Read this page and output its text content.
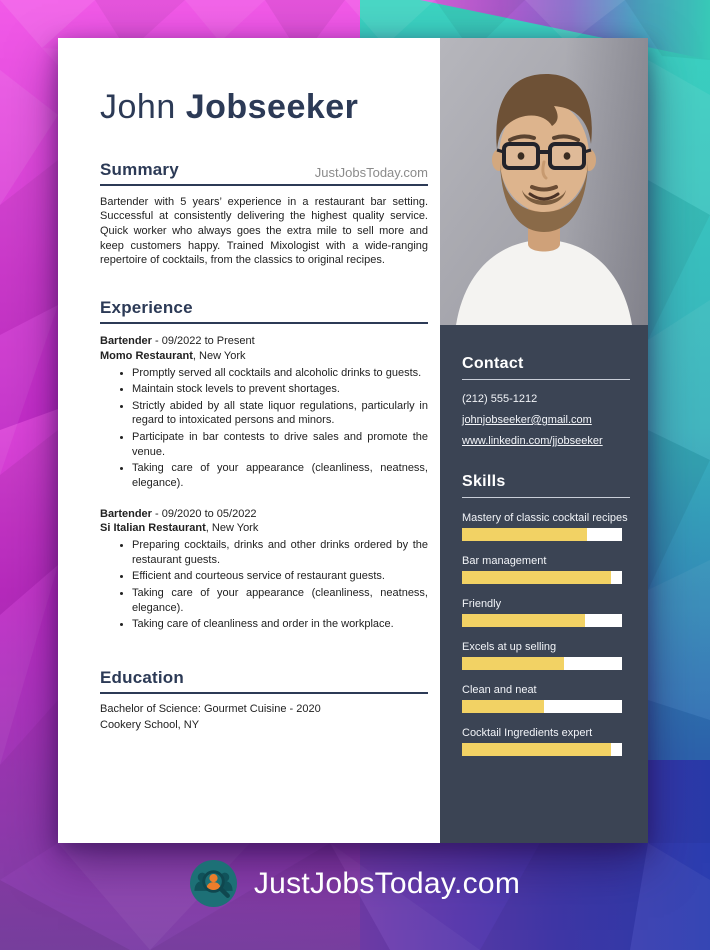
John Jobseeker
Summary	JustJobsToday.com
Bartender with 5 years’ experience in a restaurant bar setting. Successful at consistently delivering the highest quality service. Quick worker who always goes the extra mile to sell more and keep customers happy. Trained Mixologist with a wide-ranging repertoire of cocktails, from the classics to original recipes.
Experience
Bartender - 09/2022 to Present
Momo Restaurant, New York
• Promptly served all cocktails and alcoholic drinks to guests.
• Maintain stock levels to prevent shortages.
• Strictly abided by all state liquor regulations, particularly in regard to intoxicated persons and minors.
• Participate in bar contests to drive sales and promote the venue.
• Taking care of your appearance (cleanliness, neatness, elegance).
Bartender - 09/2020 to 05/2022
Si Italian Restaurant, New York
• Preparing cocktails, drinks and other drinks ordered by the restaurant guests.
• Efficient and courteous service of restaurant guests.
• Taking care of your appearance (cleanliness, neatness, elegance).
• Taking care of cleanliness and order in the workplace.
Education
Bachelor of Science: Gourmet Cuisine - 2020
Cookery School, NY
Contact
(212) 555-1212
johnjobseeker@gmail.com
www.linkedin.com/jjobseeker
Skills
Mastery of classic cocktail recipes
Bar management
Friendly
Excels at up selling
Clean and neat
Cocktail Ingredients expert
JustJobsToday.com
